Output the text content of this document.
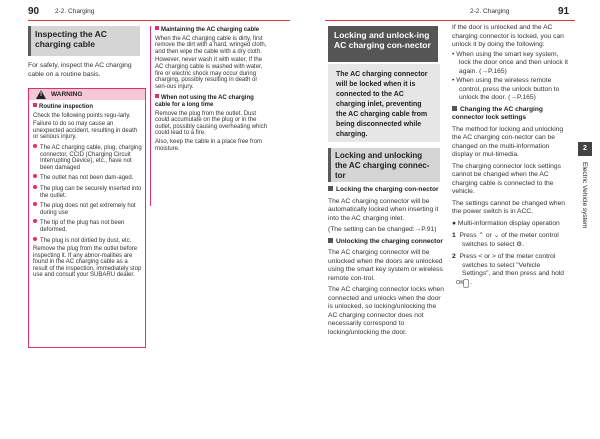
90 2-2. Charging	2-2. Charging	91
Inspecting the AC charging cable
For safety, inspect the AC charging cable on a routine basis.
! WARNING
Routine inspection
Check the following points regu-larly.
Failure to do so may cause an unexpected accident, resulting in death or serious injury.
The AC charging cable, plug, charging connector, CCID (Charging Circuit Interrupting Device), etc., have not been damaged
The outlet has not been dam-aged.
The plug can be securely inserted into the outlet.
The plug does not get extremely hot during use
The tip of the plug has not been deformed.
The plug is not dirtied by dust, etc.
Remove the plug from the outlet before inspecting it. If any abnor-malities are found in the AC charging cable as a result of the inspection, immediately stop use and consult your SUBARU dealer.
Maintaining the AC charging cable
When the AC charging cable is dirty, first remove the dirt with a hard, wringed cloth, and then wipe the cable with a dry cloth.
However, never wash it with water. If the AC charging cable is washed with water, fire or electric shock may occur during charging, possibly resulting in death or seri-ous injury.
When not using the AC charging cable for a long time
Remove the plug from the outlet. Dust could accumulate on the plug or in the outlet, possibly causing overheating which could lead to a fire.
Also, keep the cable in a place free from moisture.
Locking and unlock-ing AC charging con-nector
The AC charging connector will be locked when it is connected to the AC charging inlet, preventing the AC charging cable from being disconnected while charging.
Locking and unlocking the AC charging connec-tor
Locking the charging con-nector
The AC charging connector will be automatically locked when inserting it into the AC charging inlet.
(The setting can be changed:→P.91)
Unlocking the charging connector
The AC charging connector will be unlocked when the doors are unlocked using the smart key system or wireless remote con-trol.
The AC charging connector locks when connected and unlocks when the door is unlocked, so locking/unlocking the AC charging connector does not necessarily correspond to locking/unlocking the door.
If the door is unlocked and the AC charging connector is locked, you can unlock it by doing the following:
• When using the smart key system, lock the door once and then unlock it again. (→P.165)
• When using the wireless remote control, press the unlock button to unlock the door. (→P.165)
Changing the AC charging connector lock settings
The method for locking and unlocking the AC charging con-nector can be changed on the multi-information display or mul-timedia.
The charging connector lock settings cannot be changed when the AC charging cable is connected to the vehicle.
The settings cannot be changed when the power switch is in ACC.
● Multi-information display operation
1 Press ⌃ or ⌄ of the meter control switches to select ⚙.
2 Press < or > of the meter control switches to select "Vehicle Settings", and then press and hold OK .
2
Electric Vehicle system
